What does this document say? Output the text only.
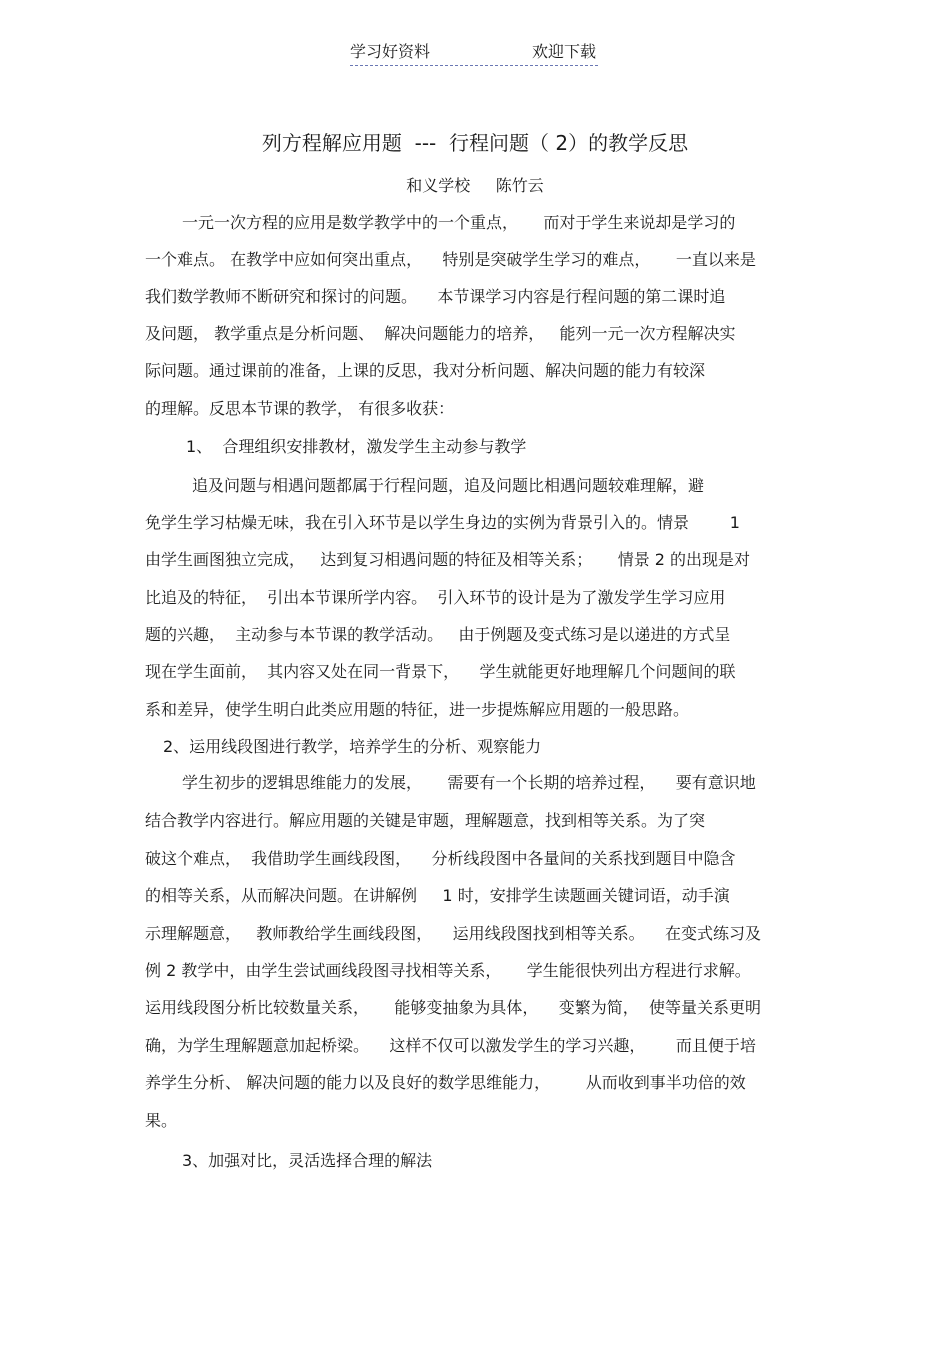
学习好资料	欢迎下载
列方程解应用题  ---  行程问题（ 2）的教学反思
和义学校     陈竹云
一元一次方程的应用是数学教学中的一个重点，     而对于学生来说却是学习的
一个难点。 在教学中应如何突出重点，    特别是突破学生学习的难点，     一直以来是
我们数学教师不断研究和探讨的问题。    本节课学习内容是行程问题的第二课时追
及问题， 教学重点是分析问题、  解决问题能力的培养，   能列一元一次方程解决实
际问题。通过课前的准备，上课的反思，我对分析问题、解决问题的能力有较深
的理解。反思本节课的教学， 有很多收获：
1、  合理组织安排教材，激发学生主动参与教学
追及问题与相遇问题都属于行程问题，追及问题比相遇问题较难理解，避
免学生学习枯燥无味，我在引入环节是以学生身边的实例为背景引入的。情景        1
由学生画图独立完成，   达到复习相遇问题的特征及相等关系；     情景 2 的出现是对
比追及的特征，  引出本节课所学内容。  引入环节的设计是为了激发学生学习应用
题的兴趣，  主动参与本节课的教学活动。   由于例题及变式练习是以递进的方式呈
现在学生面前，  其内容又处在同一背景下，    学生就能更好地理解几个问题间的联
系和差异，使学生明白此类应用题的特征，进一步提炼解应用题的一般思路。
2、运用线段图进行教学，培养学生的分析、观察能力
学生初步的逻辑思维能力的发展，     需要有一个长期的培养过程，    要有意识地
结合教学内容进行。解应用题的关键是审题，理解题意，找到相等关系。为了突
破这个难点，  我借助学生画线段图，    分析线段图中各量间的关系找到题目中隐含
的相等关系，从而解决问题。在讲解例     1 时，安排学生读题画关键词语，动手演
示理解题意，   教师教给学生画线段图，    运用线段图找到相等关系。    在变式练习及
例 2 教学中，由学生尝试画线段图寻找相等关系，     学生能很快列出方程进行求解。
运用线段图分析比较数量关系，     能够变抽象为具体，    变繁为简，  使等量关系更明
确，为学生理解题意加起桥梁。    这样不仅可以激发学生的学习兴趣，      而且便于培
养学生分析、 解决问题的能力以及良好的数学思维能力，       从而收到事半功倍的效
果。
3、加强对比，灵活选择合理的解法
